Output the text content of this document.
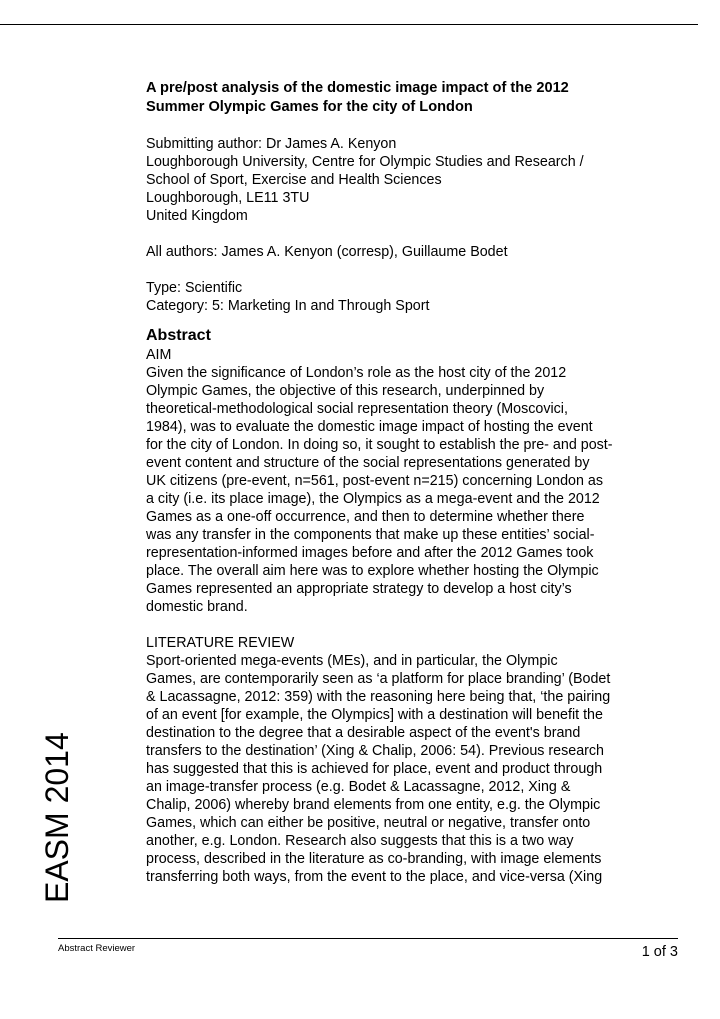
EASM 2014
A pre/post analysis of the domestic image impact of the 2012
Summer Olympic Games for the city of London
Submitting author: Dr James A. Kenyon
Loughborough University, Centre for Olympic Studies and Research /
School of Sport, Exercise and Health Sciences
Loughborough, LE11 3TU
United Kingdom
All authors: James A. Kenyon (corresp), Guillaume Bodet
Type: Scientific
Category: 5: Marketing In and Through Sport
Abstract
AIM
Given the significance of London’s role as the host city of the 2012
Olympic Games, the objective of this research, underpinned by
theoretical-methodological social representation theory (Moscovici,
1984), was to evaluate the domestic image impact of hosting the event
for the city of London. In doing so, it sought to establish the pre- and post-
event content and structure of the social representations generated by
UK citizens (pre-event, n=561, post-event n=215) concerning London as
a city (i.e. its place image), the Olympics as a mega-event and the 2012
Games as a one-off occurrence, and then to determine whether there
was any transfer in the components that make up these entities’ social-
representation-informed images before and after the 2012 Games took
place. The overall aim here was to explore whether hosting the Olympic
Games represented an appropriate strategy to develop a host city’s
domestic brand.
LITERATURE REVIEW
Sport-oriented mega-events (MEs), and in particular, the Olympic
Games, are contemporarily seen as ‘a platform for place branding’ (Bodet
& Lacassagne, 2012: 359) with the reasoning here being that, ‘the pairing
of an event [for example, the Olympics] with a destination will benefit the
destination to the degree that a desirable aspect of the event's brand
transfers to the destination’ (Xing & Chalip, 2006: 54). Previous research
has suggested that this is achieved for place, event and product through
an image-transfer process (e.g. Bodet & Lacassagne, 2012, Xing &
Chalip, 2006) whereby brand elements from one entity, e.g. the Olympic
Games, which can either be positive, neutral or negative, transfer onto
another, e.g. London. Research also suggests that this is a two way
process, described in the literature as co-branding, with image elements
transferring both ways, from the event to the place, and vice-versa (Xing
Abstract Reviewer	1 of 3
